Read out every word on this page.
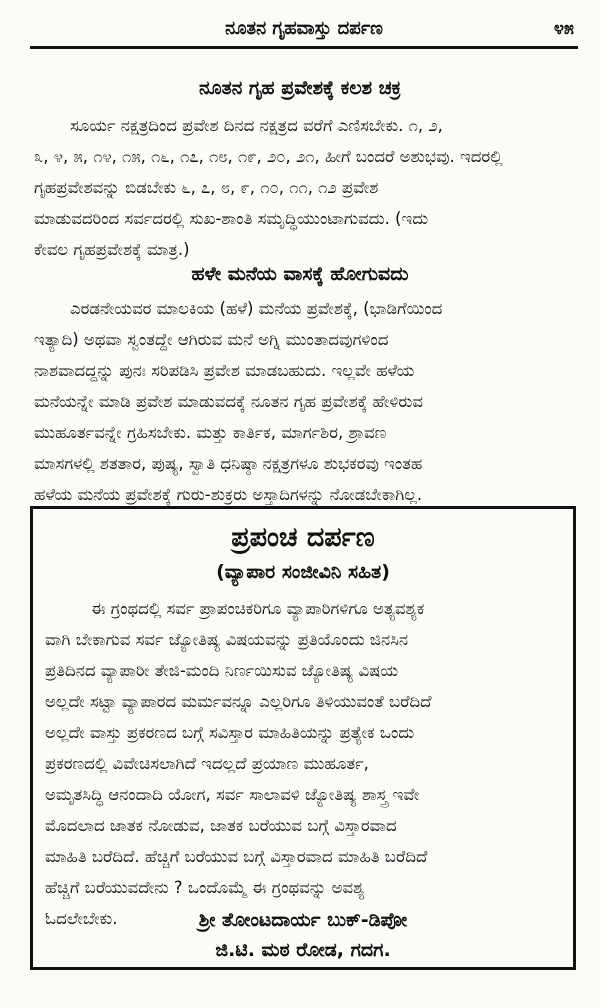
ನೂತನ ಗೃಹವಾಸ್ತು ದರ್ಪಣ	೪೫
ನೂತನ ಗೃಹ ಪ್ರವೇಶಕ್ಕೆ ಕಲಶ ಚಕ್ರ
ಸೂರ್ಯ ನಕ್ಷತ್ರದಿಂದ ಪ್ರವೇಶ ದಿನದ ನಕ್ಷತ್ರದ ವರೆಗೆ ಎಣಿಸಬೇಕು. ೧, ೨,
೩, ೪, ೫, ೧೪, ೧೫, ೧೬, ೧೭, ೧೮, ೧೯, ೨೦, ೨೧, ಹೀಗೆ ಬಂದರೆ ಅಶುಭವು. ಇದರಲ್ಲಿ
ಗೃಹಪ್ರವೇಶವನ್ನು ಬಿಡಬೇಕು ೬, ೭, ೮, ೯, ೧೦, ೧೧, ೧೨ ಪ್ರವೇಶ
ಮಾಡುವದರಿಂದ ಸರ್ವದರಲ್ಲಿ ಸುಖ-ಶಾಂತಿ ಸಮೃದ್ಧಿಯುಂಟಾಗುವದು. (ಇದು
ಕೇವಲ ಗೃಹಪ್ರವೇಶಕ್ಕೆ ಮಾತ್ರ.)
ಹಳೇ ಮನೆಯ ವಾಸಕ್ಕೆ ಹೋಗುವದು
ಎರಡನೇಯವರ ಮಾಲಕಿಯ (ಹಳೆ) ಮನೆಯ ಪ್ರವೇಶಕ್ಕೆ, (ಭಾಡಿಗೆಯಿಂದ
ಇತ್ಯಾದಿ) ಅಥವಾ ಸ್ವಂತದ್ದೇ ಆಗಿರುವ ಮನೆ ಅಗ್ನಿ ಮುಂತಾದವುಗಳಿಂದ
ನಾಶವಾದದ್ದನ್ನು ಪುನಃ ಸರಿಪಡಿಸಿ ಪ್ರವೇಶ ಮಾಡಬಹುದು. ಇಲ್ಲವೇ ಹಳೆಯ
ಮನೆಯನ್ನೇ ಮಾಡಿ ಪ್ರವೇಶ ಮಾಡುವದಕ್ಕೆ ನೂತನ ಗೃಹ ಪ್ರವೇಶಕ್ಕೆ ಹೇಳಿರುವ
ಮುಹೂರ್ತವನ್ನೇ ಗ್ರಹಿಸಬೇಕು. ಮತ್ತು ಕಾರ್ತಿಕ, ಮಾರ್ಗಶಿರ, ಶ್ರಾವಣ
ಮಾಸಗಳಲ್ಲಿ ಶತತಾರ, ಪುಷ್ಯ, ಸ್ವಾತಿ ಧನಿಷ್ಠಾ ನಕ್ಷತ್ರಗಳೂ ಶುಭಕರವು ಇಂತಹ
ಹಳೆಯ ಮನೆಯ ಪ್ರವೇಶಕ್ಕೆ ಗುರು-ಶುಕ್ರರು ಅಸ್ತಾದಿಗಳನ್ನು ನೋಡಬೇಕಾಗಿಲ್ಲ.
ಪ್ರಪಂಚ ದರ್ಪಣ
(ವ್ಯಾಪಾರ ಸಂಜೀವಿನಿ ಸಹಿತ)
ಈ ಗ್ರಂಥದಲ್ಲಿ ಸರ್ವ ಪ್ರಾಪಂಚಿಕರಿಗೂ ವ್ಯಾಪಾರಿಗಳಿಗೂ ಅತ್ಯವಶ್ಯಕ
ವಾಗಿ ಬೇಕಾಗುವ ಸರ್ವ ಜ್ಯೋತಿಷ್ಯ ವಿಷಯವನ್ನು ಪ್ರತಿಯೊಂದು ಜಿನಸಿನ
ಪ್ರತಿದಿನದ ವ್ಯಾಪಾರೀ ತೇಜಿ-ಮಂದಿ ನಿರ್ಣಯಿಸುವ ಜ್ಯೋತಿಷ್ಯ ವಿಷಯ
ಅಲ್ಲದೇ ಸಟ್ಟಾ ವ್ಯಾಪಾರದ ಮರ್ಮವನ್ನೂ ಎಲ್ಲರಿಗೂ ತಿಳಿಯುವಂತೆ ಬರೆದಿದೆ
ಅಲ್ಲದೇ ವಾಸ್ತು ಪ್ರಕರಣದ ಬಗ್ಗೆ ಸವಿಸ್ತಾರ ಮಾಹಿತಿಯನ್ನು ಪ್ರತ್ಯೇಕ ಒಂದು
ಪ್ರಕರಣದಲ್ಲಿ ವಿವೇಚಿಸಲಾಗಿದೆ ಇದಲ್ಲದೆ ಪ್ರಯಾಣ ಮುಹೂರ್ತ,
ಅಮೃತಸಿದ್ಧಿ ಆನಂದಾದಿ ಯೋಗ, ಸರ್ವ ಸಾಲಾವಳಿ ಜ್ಯೋತಿಷ್ಯ ಶಾಸ್ತ್ರ ಇವೇ
ಮೊದಲಾದ ಜಾತಕ ನೋಡುವ, ಜಾತಕ ಬರೆಯುವ ಬಗ್ಗೆ ವಿಸ್ತಾರವಾದ
ಮಾಹಿತಿ ಬರೆದಿದೆ. ಹೆಚ್ಚಿಗೆ ಬರೆಯುವ ಬಗ್ಗೆ ವಿಸ್ತಾರವಾದ ಮಾಹಿತಿ ಬರೆದಿದೆ
ಹೆಚ್ಚಿಗೆ ಬರೆಯುವದೇನು ? ಒಂದೊಮ್ಮೆ ಈ ಗ್ರಂಥವನ್ನು ಅವಶ್ಯ
ಓದಲೇಬೇಕು.	ಶ್ರೀ ತೋಂಟದಾರ್ಯ ಬುಕ್-ಡಿಪೋ
ಜಿ.ಟಿ. ಮಠ ರೋಡ, ಗದಗ.
